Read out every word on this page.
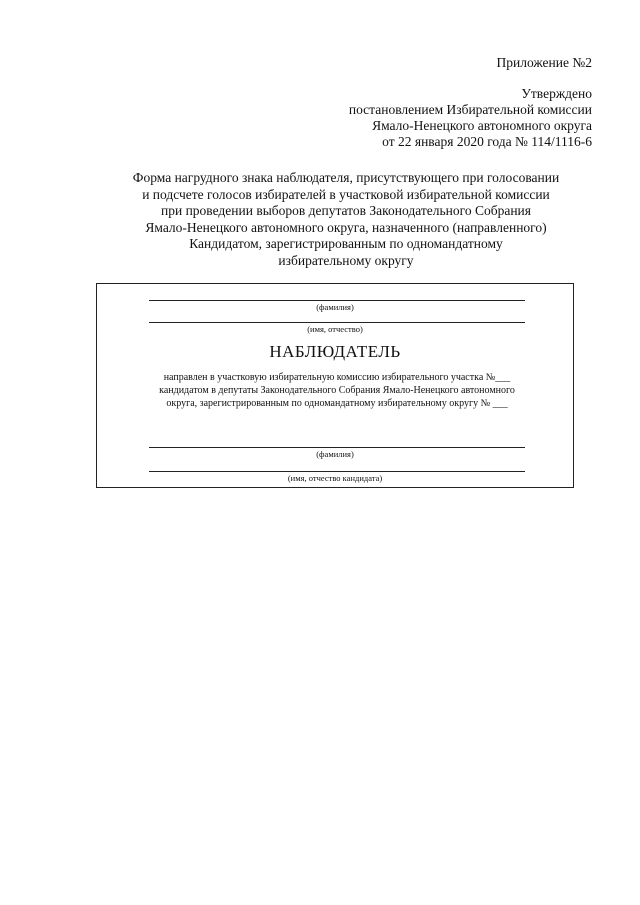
Приложение №2
Утверждено
постановлением Избирательной комиссии
Ямало-Ненецкого автономного округа
от 22 января 2020 года № 114/1116-6
Форма нагрудного знака наблюдателя, присутствующего при голосовании
и подсчете голосов избирателей в участковой избирательной комиссии
при проведении выборов депутатов Законодательного Собрания
Ямало-Ненецкого автономного округа, назначенного (направленного)
Кандидатом, зарегистрированным по одномандатному
избирательному округу
(фамилия)
(имя, отчество)
НАБЛЮДАТЕЛЬ
направлен в участковую избирательную комиссию избирательного участка №___
кандидатом в депутаты Законодательного Собрания Ямало-Ненецкого автономного
округа, зарегистрированным по одномандатному избирательному округу № ___
(фамилия)
(имя, отчество кандидата)
